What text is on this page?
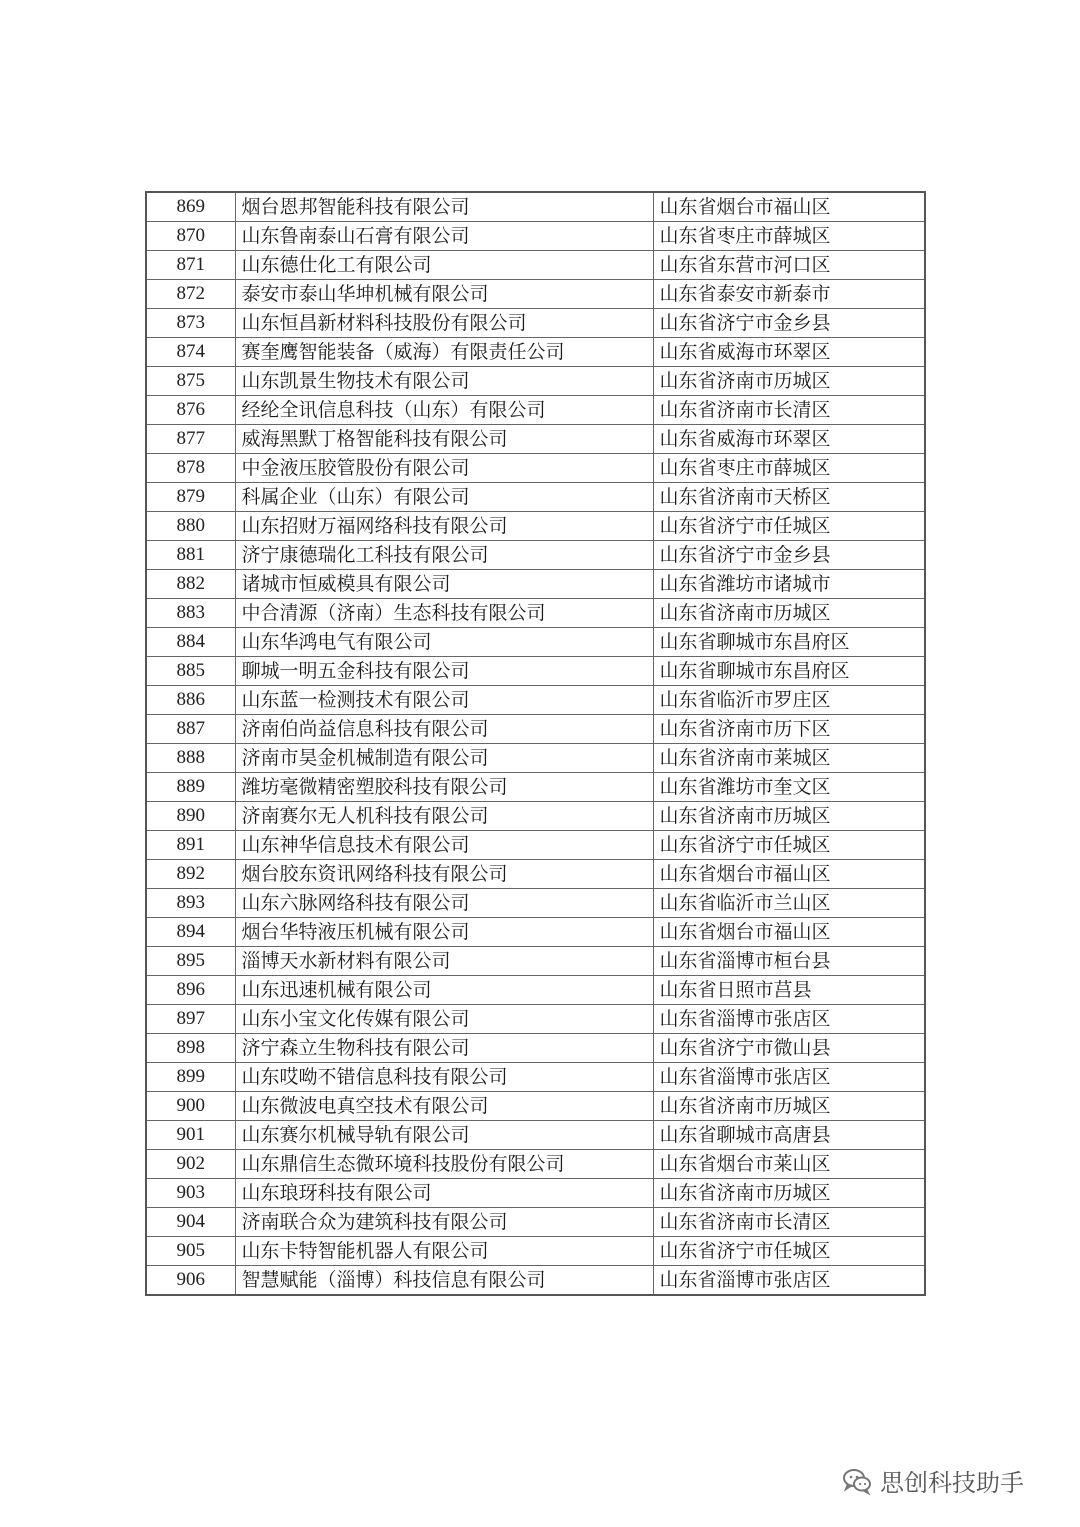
869	烟台恩邦智能科技有限公司	山东省烟台市福山区
870	山东鲁南泰山石膏有限公司	山东省枣庄市薛城区
871	山东德仕化工有限公司	山东省东营市河口区
872	泰安市泰山华坤机械有限公司	山东省泰安市新泰市
873	山东恒昌新材料科技股份有限公司	山东省济宁市金乡县
874	赛奎鹰智能装备（威海）有限责任公司	山东省威海市环翠区
875	山东凯景生物技术有限公司	山东省济南市历城区
876	经纶全讯信息科技（山东）有限公司	山东省济南市长清区
877	威海黑默丁格智能科技有限公司	山东省威海市环翠区
878	中金液压胶管股份有限公司	山东省枣庄市薛城区
879	科属企业（山东）有限公司	山东省济南市天桥区
880	山东招财万福网络科技有限公司	山东省济宁市任城区
881	济宁康德瑞化工科技有限公司	山东省济宁市金乡县
882	诸城市恒威模具有限公司	山东省潍坊市诸城市
883	中合清源（济南）生态科技有限公司	山东省济南市历城区
884	山东华鸿电气有限公司	山东省聊城市东昌府区
885	聊城一明五金科技有限公司	山东省聊城市东昌府区
886	山东蓝一检测技术有限公司	山东省临沂市罗庄区
887	济南伯尚益信息科技有限公司	山东省济南市历下区
888	济南市昊金机械制造有限公司	山东省济南市莱城区
889	潍坊毫微精密塑胶科技有限公司	山东省潍坊市奎文区
890	济南赛尔无人机科技有限公司	山东省济南市历城区
891	山东神华信息技术有限公司	山东省济宁市任城区
892	烟台胶东资讯网络科技有限公司	山东省烟台市福山区
893	山东六脉网络科技有限公司	山东省临沂市兰山区
894	烟台华特液压机械有限公司	山东省烟台市福山区
895	淄博天水新材料有限公司	山东省淄博市桓台县
896	山东迅速机械有限公司	山东省日照市莒县
897	山东小宝文化传媒有限公司	山东省淄博市张店区
898	济宁森立生物科技有限公司	山东省济宁市微山县
899	山东哎呦不错信息科技有限公司	山东省淄博市张店区
900	山东微波电真空技术有限公司	山东省济南市历城区
901	山东赛尔机械导轨有限公司	山东省聊城市高唐县
902	山东鼎信生态微环境科技股份有限公司	山东省烟台市莱山区
903	山东琅玡科技有限公司	山东省济南市历城区
904	济南联合众为建筑科技有限公司	山东省济南市长清区
905	山东卡特智能机器人有限公司	山东省济宁市任城区
906	智慧赋能（淄博）科技信息有限公司	山东省淄博市张店区
思创科技助手
